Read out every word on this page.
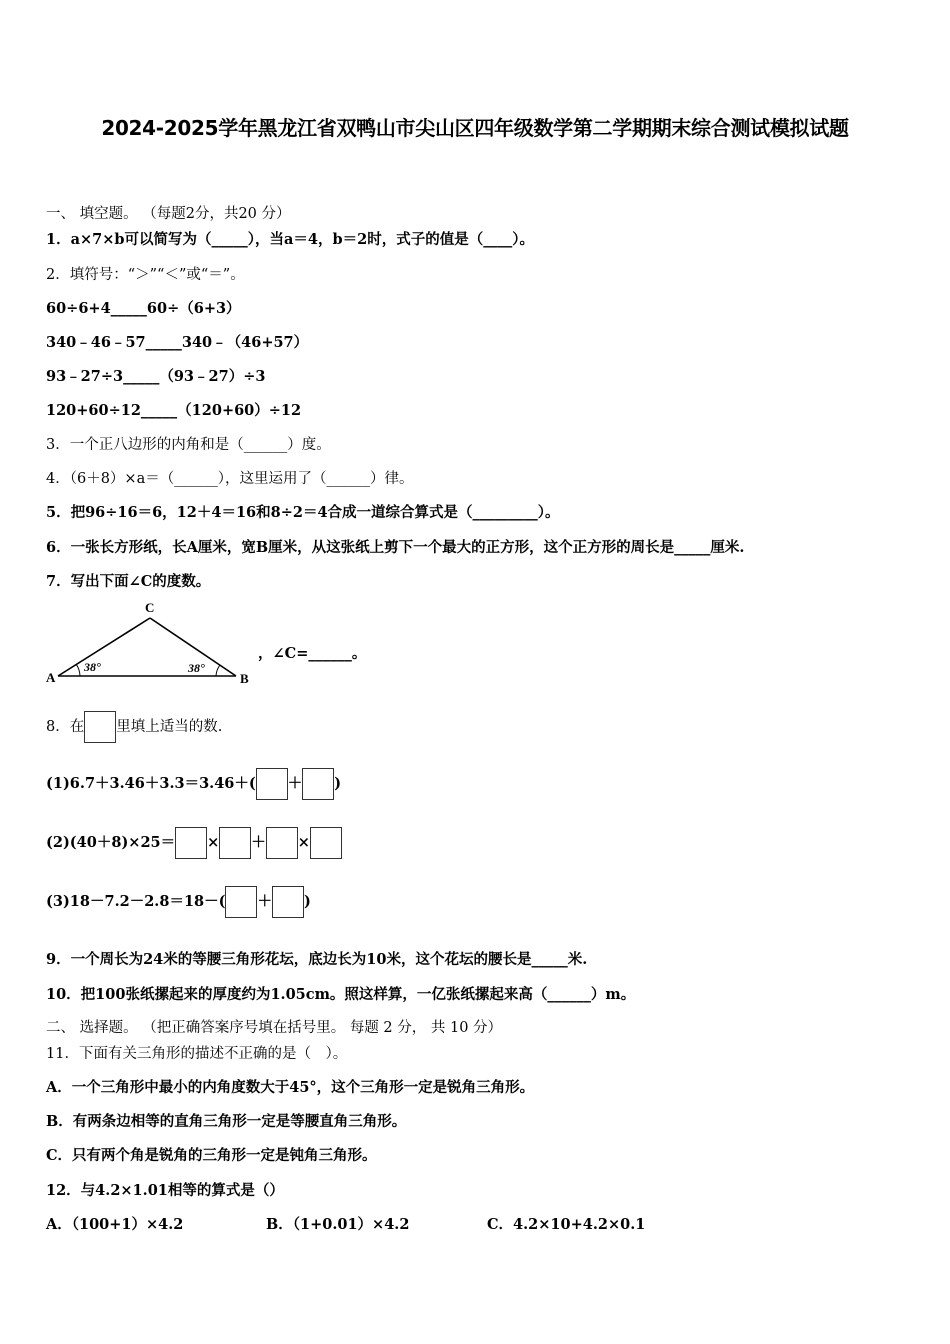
2024-2025学年黑龙江省双鸭山市尖山区四年级数学第二学期期末综合测试模拟试题
一、 填空题。 （每题2分，共20 分）
1．a×7×b可以简写为（_____），当a＝4，b＝2时，式子的值是（____）。
2．填符号：“＞”“＜”或“＝”。
60÷6+4_____60÷（6+3）
340﹣46﹣57_____340﹣（46+57）
93﹣27÷3_____（93﹣27）÷3
120+60÷12_____（120+60）÷12
3．一个正八边形的内角和是（______）度。
4．（6＋8）×a＝（______），这里运用了（______）律。
5．把96÷16＝6，12＋4＝16和8÷2＝4合成一道综合算式是（_________）。
6．一张长方形纸，长A厘米，宽B厘米，从这张纸上剪下一个最大的正方形，这个正方形的周长是_____厘米.
7．写出下面∠C的度数。
A	B
C
38°	38°
，∠C=______。
8．在 里填上适当的数.
(1)6.7＋3.46＋3.3＝3.46＋( ＋ )
(2)(40＋8)×25＝ × ＋ ×
(3)18－7.2－2.8＝18－( ＋ )
9．一个周长为24米的等腰三角形花坛，底边长为10米，这个花坛的腰长是_____米.
10．把100张纸摞起来的厚度约为1.05cm。照这样算，一亿张纸摞起来高（______）m。
二、 选择题。 （把正确答案序号填在括号里。 每题 2 分， 共 10 分）
11．下面有关三角形的描述不正确的是（　）。
A．一个三角形中最小的内角度数大于45°，这个三角形一定是锐角三角形。
B．有两条边相等的直角三角形一定是等腰直角三角形。
C．只有两个角是锐角的三角形一定是钝角三角形。
12．与4.2×1.01相等的算式是（）
A．（100+1）×4.2	B．（1+0.01）×4.2	C．4.2×10+4.2×0.1
